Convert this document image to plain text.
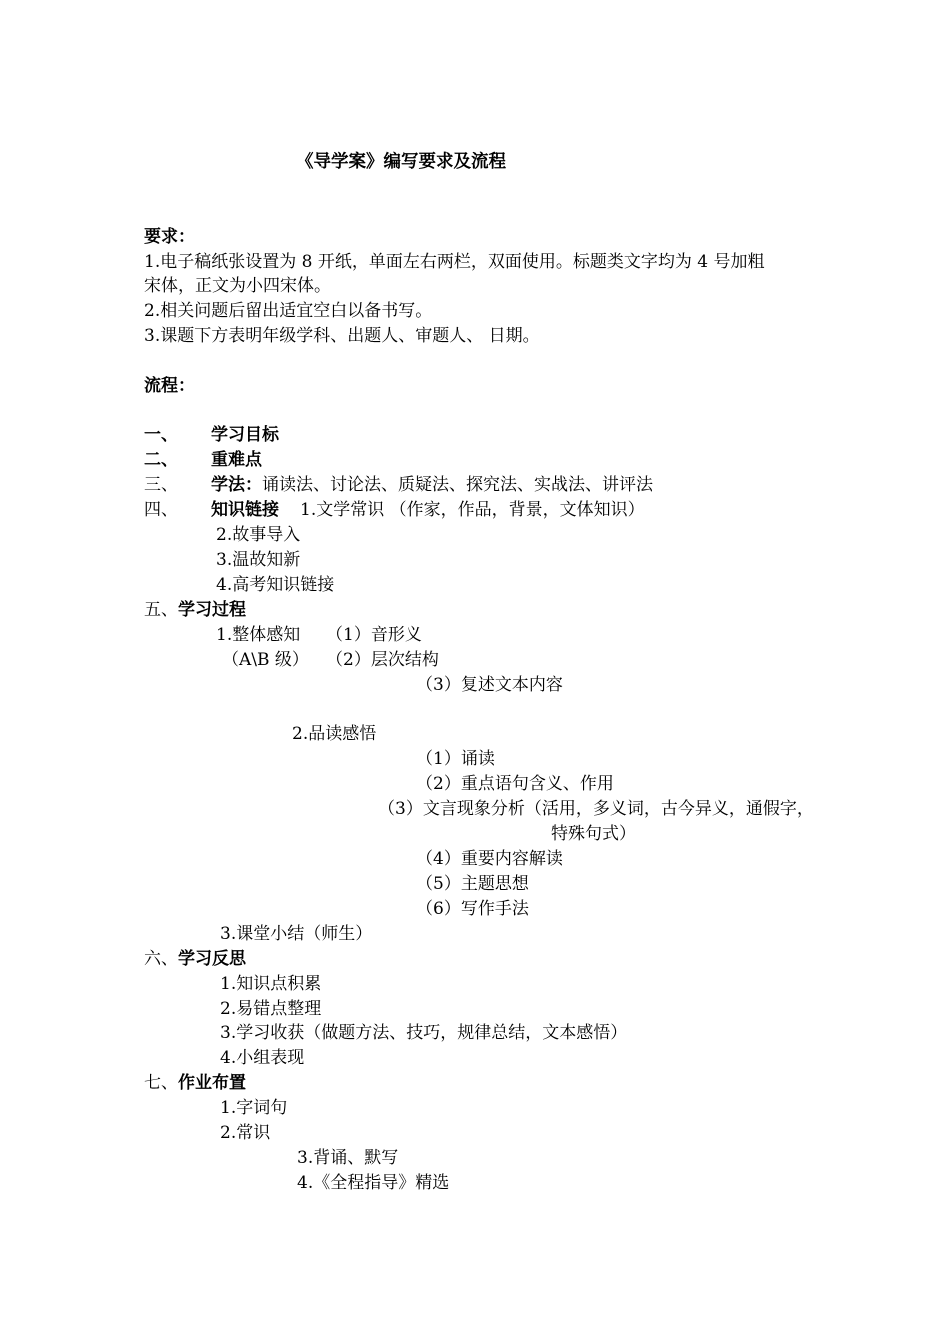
《导学案》编写要求及流程
要求：
1.电子稿纸张设置为 8 开纸，单面左右两栏，双面使用。标题类文字均为 4 号加粗
宋体，正文为小四宋体。
2.相关问题后留出适宜空白以备书写。
3.课题下方表明年级学科、出题人、审题人、 日期。
流程：
一、 学习目标
二、 重难点
三、 学法：诵读法、讨论法、质疑法、探究法、实战法、讲评法
四、 知识链接 1.文学常识 （作家，作品，背景，文体知识）
2.故事导入
3.温故知新
4.高考知识链接
五、学习过程
1.整体感知 （1）音形义
（A\B 级） （2）层次结构
（3）复述文本内容
2.品读感悟
（1）诵读
（2）重点语句含义、作用
（3）文言现象分析（活用，多义词，古今异义，通假字，
特殊句式）
（4）重要内容解读
（5）主题思想
（6）写作手法
3.课堂小结（师生）
六、学习反思
1.知识点积累
2.易错点整理
3.学习收获（做题方法、技巧，规律总结，文本感悟）
4.小组表现
七、作业布置
1.字词句
2.常识
3.背诵、默写
4.《全程指导》精选
